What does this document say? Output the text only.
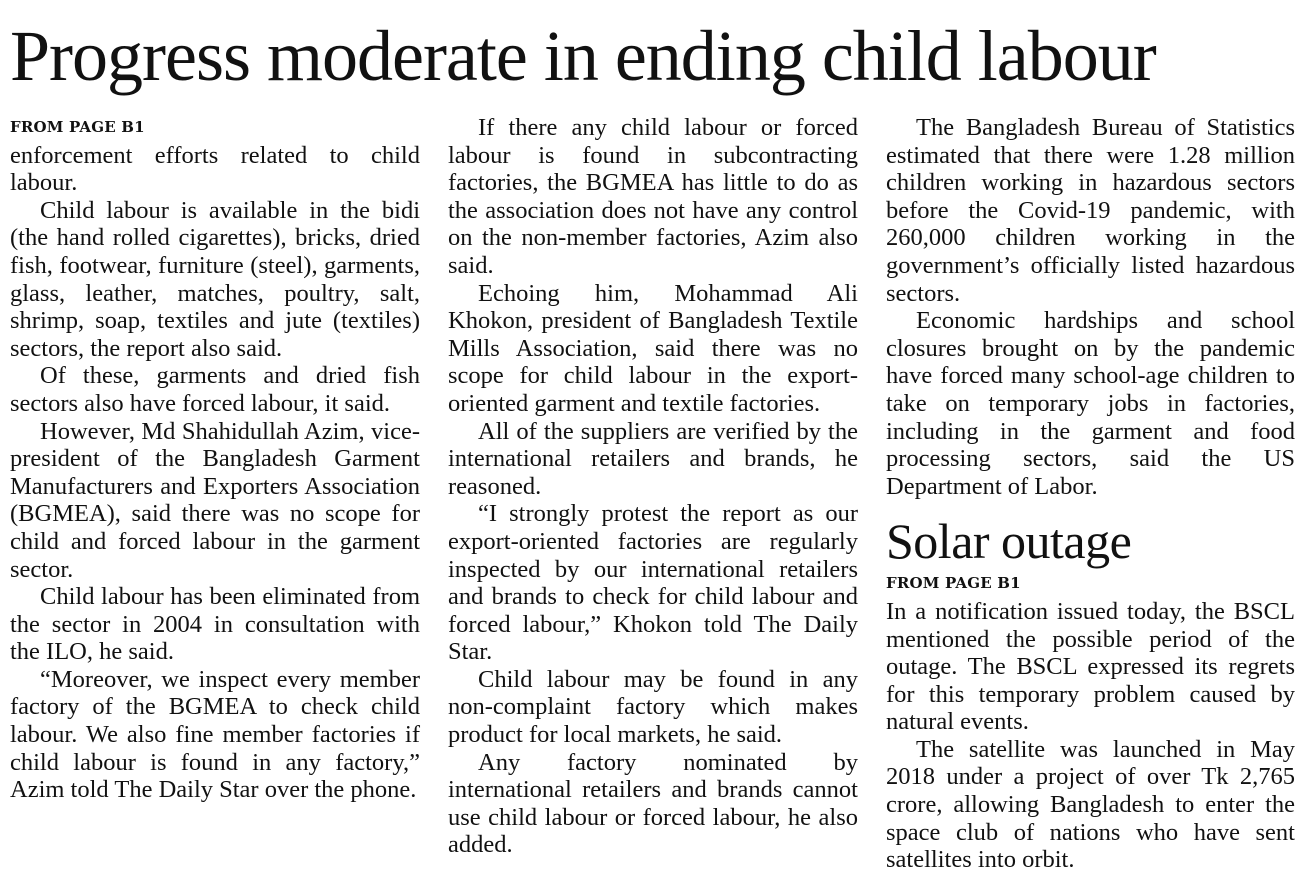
Progress moderate in ending child labour
FROM PAGE B1

enforcement efforts related to child labour.

Child labour is available in the bidi (the hand rolled cigarettes), bricks, dried fish, footwear, furniture (steel), garments, glass, leather, matches, poultry, salt, shrimp, soap, textiles and jute (textiles) sectors, the report also said.

Of these, garments and dried fish sectors also have forced labour, it said.

However, Md Shahidullah Azim, vice-president of the Bangladesh Garment Manufacturers and Exporters Association (BGMEA), said there was no scope for child and forced labour in the garment sector.

Child labour has been eliminated from the sector in 2004 in consultation with the ILO, he said.

“Moreover, we inspect every member factory of the BGMEA to check child labour. We also fine member factories if child labour is found in any factory,” Azim told The Daily Star over the phone.

If there any child labour or forced labour is found in subcontracting factories, the BGMEA has little to do as the association does not have any control on the non-member factories, Azim also said.

Echoing him, Mohammad Ali Khokon, president of Bangladesh Textile Mills Association, said there was no scope for child labour in the export-oriented garment and textile factories.

All of the suppliers are verified by the international retailers and brands, he reasoned.

“I strongly protest the report as our export-oriented factories are regularly inspected by our international retailers and brands to check for child labour and forced labour,” Khokon told The Daily Star.

Child labour may be found in any non-complaint factory which makes product for local markets, he said.

Any factory nominated by international retailers and brands cannot use child labour or forced labour, he also added.

The Bangladesh Bureau of Statistics estimated that there were 1.28 million children working in hazardous sectors before the Covid-19 pandemic, with 260,000 children working in the government’s officially listed hazardous sectors.

Economic hardships and school closures brought on by the pandemic have forced many school-age children to take on temporary jobs in factories, including in the garment and food processing sectors, said the US Department of Labor.

Solar outage
FROM PAGE B1

In a notification issued today, the BSCL mentioned the possible period of the outage. The BSCL expressed its regrets for this temporary problem caused by natural events.

The satellite was launched in May 2018 under a project of over Tk 2,765 crore, allowing Bangladesh to enter the space club of nations who have sent satellites into orbit.
